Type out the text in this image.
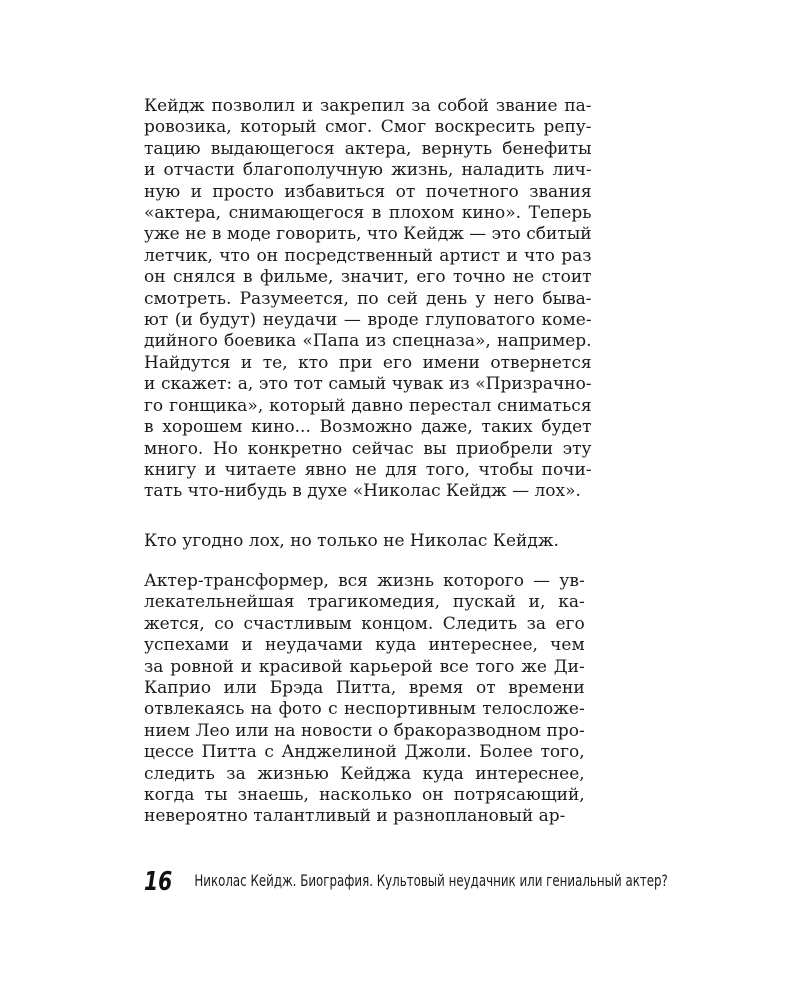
Кейдж позволил и закрепил за собой звание па-
ровозика, который смог. Смог воскресить репу-
тацию выдающегося актера, вернуть бенефиты
и отчасти благополучную жизнь, наладить лич-
ную и просто избавиться от почетного звания
«актера, снимающегося в плохом кино». Теперь
уже не в моде говорить, что Кейдж — это сбитый
летчик, что он посредственный артист и что раз
он снялся в фильме, значит, его точно не стоит
смотреть. Разумеется, по сей день у него быва-
ют (и будут) неудачи — вроде глуповатого коме-
дийного боевика «Папа из спецназа», например.
Найдутся и те, кто при его имени отвернется
и скажет: а, это тот самый чувак из «Призрачно-
го гонщика», который давно перестал сниматься
в хорошем кино... Возможно даже, таких будет
много. Но конкретно сейчас вы приобрели эту
книгу и читаете явно не для того, чтобы почи-
тать что-нибудь в духе «Николас Кейдж — лох».

Кто угодно лох, но только не Николас Кейдж.

Актер-трансформер, вся жизнь которого — ув-
лекательнейшая трагикомедия, пускай и, ка-
жется, со счастливым концом. Следить за его
успехами и неудачами куда интереснее, чем
за ровной и красивой карьерой все того же Ди-
Каприо или Брэда Питта, время от времени
отвлекаясь на фото с неспортивным телосложе-
нием Лео или на новости о бракоразводном про-
цессе Питта с Анджелиной Джоли. Более того,
следить за жизнью Кейджа куда интереснее,
когда ты знаешь, насколько он потрясающий,
невероятно талантливый и разноплановый ар-

16 Николас Кейдж. Биография. Культовый неудачник или гениальный актер?
